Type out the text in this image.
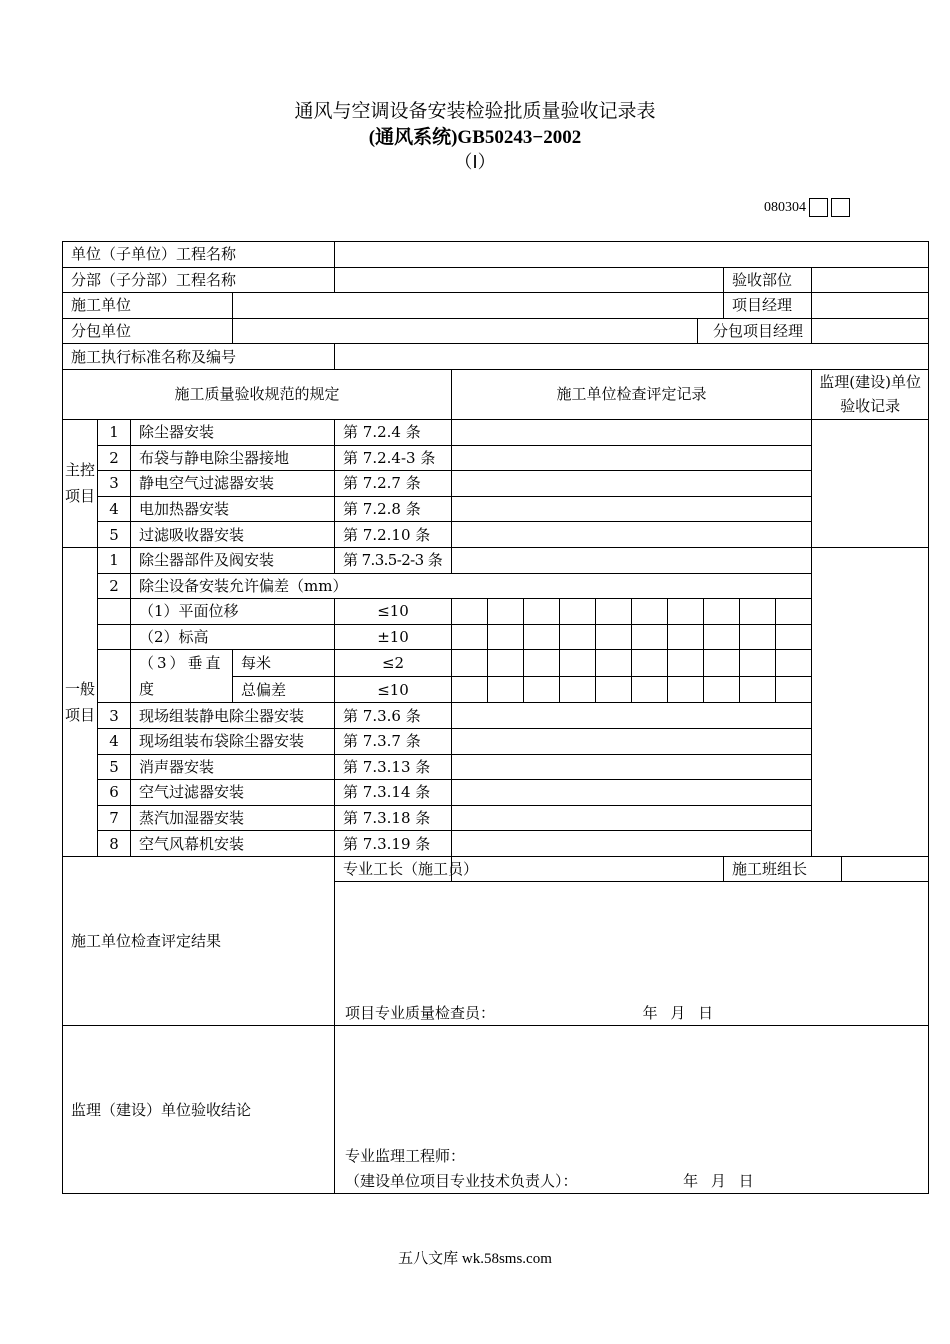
通风与空调设备安装检验批质量验收记录表
(通风系统)GB50243−2002
（Ⅰ）
080304
单位（子单位）工程名称	
分部（子分部）工程名称		验收部位	
施工单位		项目经理	
分包单位		分包项目经理	
施工执行标准名称及编号	
施工质量验收规范的规定	施工单位检查评定记录	监理(建设)单位验收记录
主控项目	1	除尘器安装	第 7.2.4 条		
2	布袋与静电除尘器接地	第 7.2.4-3 条	
3	静电空气过滤器安装	第 7.2.7 条	
4	电加热器安装	第 7.2.8 条	
5	过滤吸收器安装	第 7.2.10 条	
一般项目	1	除尘器部件及阀安装	第 7.3.5-2-3 条		
2	除尘设备安装允许偏差（mm）
	（1）平面位移	≤10	

	（2）标高	±10	

	（3）垂直度	每米	≤2	

总偏差	≤10	

3	现场组装静电除尘器安装	第 7.3.6 条	
4	现场组装布袋除尘器安装	第 7.3.7 条	
5	消声器安装	第 7.3.13 条	
6	空气过滤器安装	第 7.3.14 条	
7	蒸汽加湿器安装	第 7.3.18 条	
8	空气风幕机安装	第 7.3.19 条	
施工单位检查评定结果	专业工长（施工员）		施工班组长	

项目专业质量检查员：	年 月 日

监理（建设）单位验收结论	
专业监理工程师：
（建设单位项目专业技术负责人）：	年 月 日
五八文库 wk.58sms.com
